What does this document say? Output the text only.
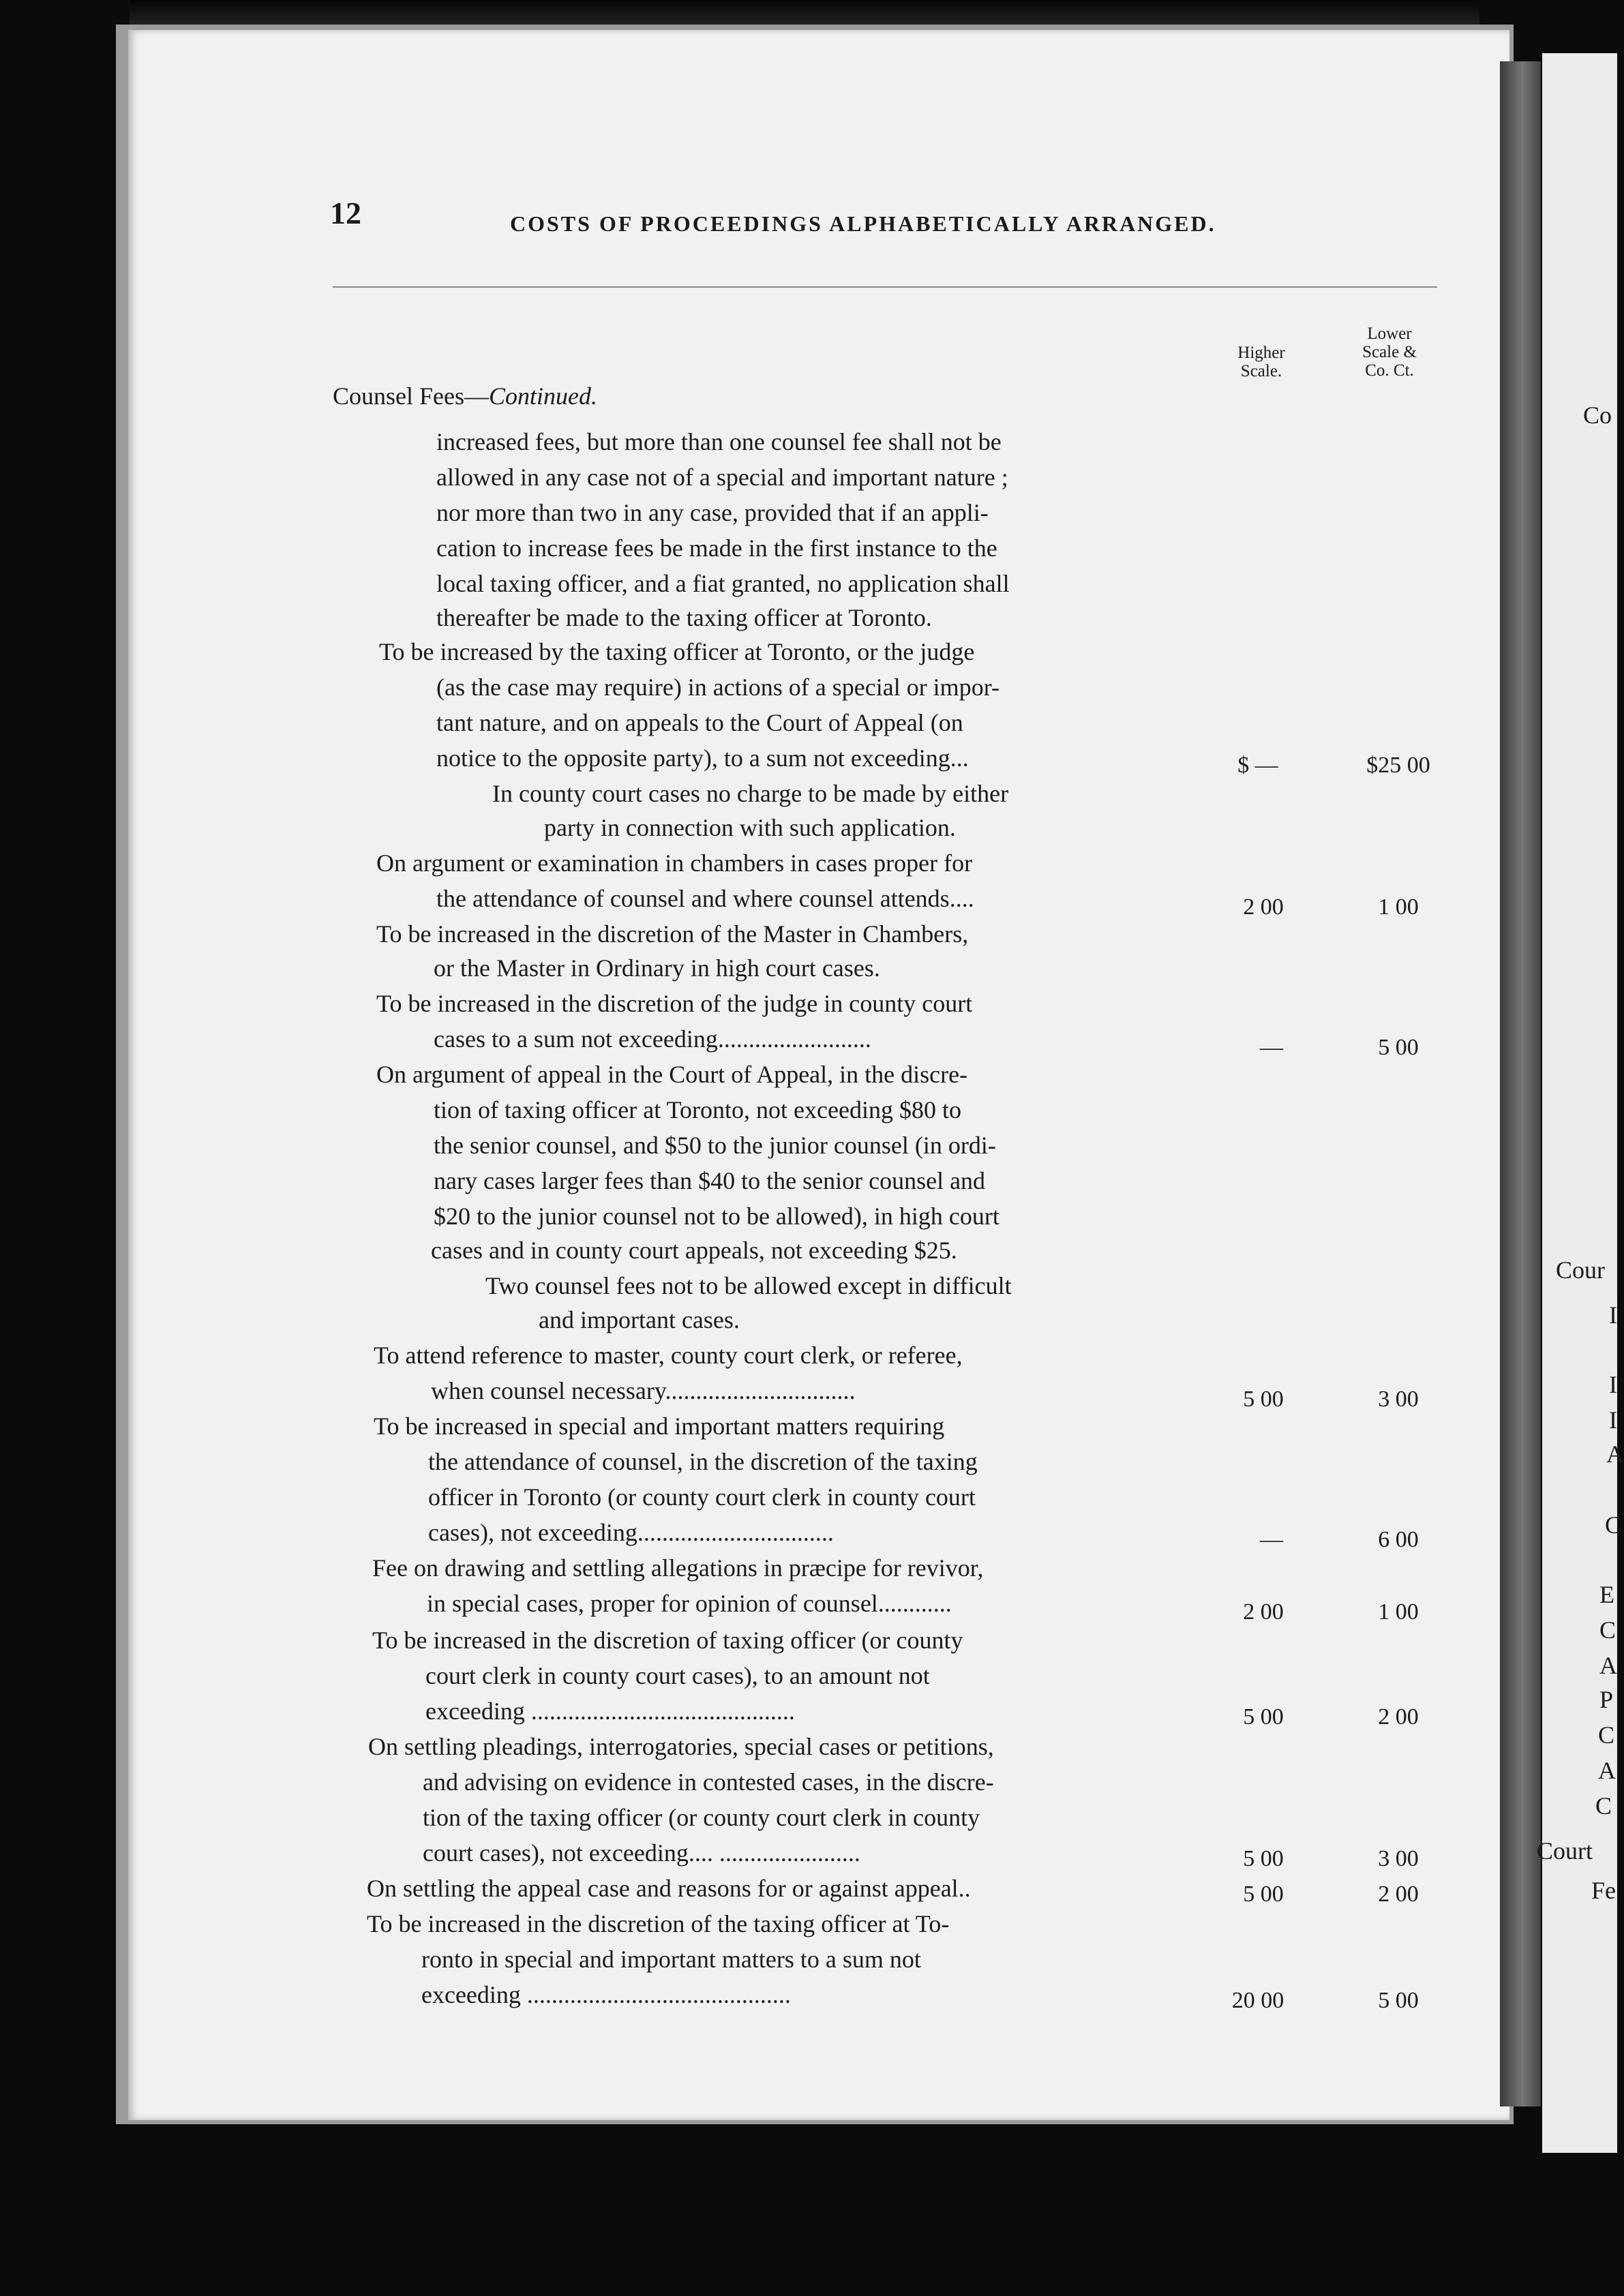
12	COSTS OF PROCEEDINGS ALPHABETICALLY ARRANGED.
Higher
Scale.
Lower
Scale &
Co. Ct.
Counsel Fees—Continued.
increased fees, but more than one counsel fee shall not be
allowed in any case not of a special and important nature ;
nor more than two in any case, provided that if an appli-
cation to increase fees be made in the first instance to the
local taxing officer, and a fiat granted, no application shall
thereafter be made to the taxing officer at Toronto.
To be increased by the taxing officer at Toronto, or the judge
(as the case may require) in actions of a special or impor-
tant nature, and on appeals to the Court of Appeal (on
notice to the opposite party), to a sum not exceeding...
In county court cases no charge to be made by either
party in connection with such application.
On argument or examination in chambers in cases proper for
the attendance of counsel and where counsel attends....
To be increased in the discretion of the Master in Chambers,
or the Master in Ordinary in high court cases.
To be increased in the discretion of the judge in county court
cases to a sum not exceeding.........................
On argument of appeal in the Court of Appeal, in the discre-
tion of taxing officer at Toronto, not exceeding $80 to
the senior counsel, and $50 to the junior counsel (in ordi-
nary cases larger fees than $40 to the senior counsel and
$20 to the junior counsel not to be allowed), in high court
cases and in county court appeals, not exceeding $25.
Two counsel fees not to be allowed except in difficult
and important cases.
To attend reference to master, county court clerk, or referee,
when counsel necessary...............................
To be increased in special and important matters requiring
the attendance of counsel, in the discretion of the taxing
officer in Toronto (or county court clerk in county court
cases), not exceeding................................
Fee on drawing and settling allegations in præcipe for revivor,
in special cases, proper for opinion of counsel............
To be increased in the discretion of taxing officer (or county
court clerk in county court cases), to an amount not
exceeding ...........................................
On settling pleadings, interrogatories, special cases or petitions,
and advising on evidence in contested cases, in the discre-
tion of the taxing officer (or county court clerk in county
court cases), not exceeding.... .......................
On settling the appeal case and reasons for or against appeal..
To be increased in the discretion of the taxing officer at To-
ronto in special and important matters to a sum not
exceeding ...........................................
$ —
2 00
—
5 00
—
2 00
5 00
5 00
5 00
20 00
$25 00
1 00
5 00
3 00
6 00
1 00
2 00
3 00
2 00
5 00
Co
Cour
I
I
I
A
C
E
C
A
P
C
A
C
Court
Fe
